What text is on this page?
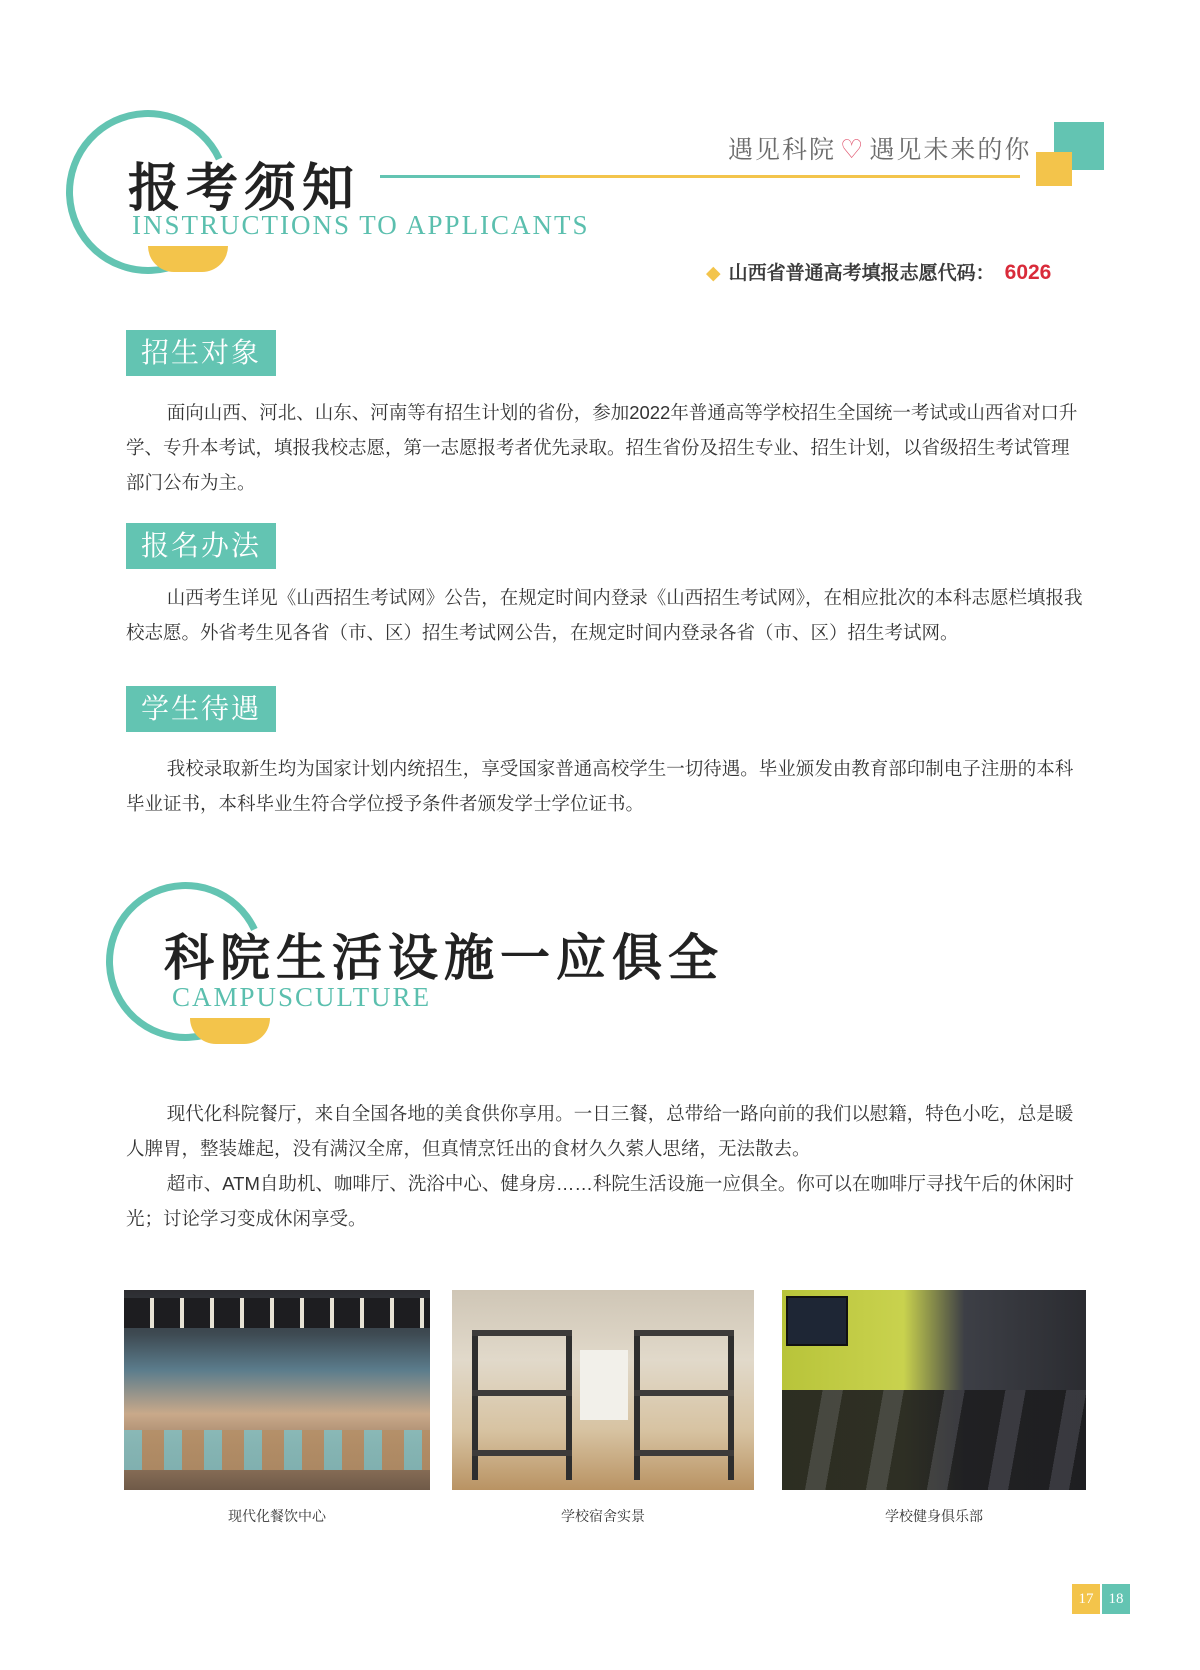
报考须知
INSTRUCTIONS TO APPLICANTS
遇见科院 ♡ 遇见未来的你
◆ 山西省普通高考填报志愿代码： 6026
招生对象
面向山西、河北、山东、河南等有招生计划的省份，参加2022年普通高等学校招生全国统一考试或山西省对口升学、专升本考试，填报我校志愿，第一志愿报考者优先录取。招生省份及招生专业、招生计划，以省级招生考试管理部门公布为主。
报名办法
山西考生详见《山西招生考试网》公告，在规定时间内登录《山西招生考试网》，在相应批次的本科志愿栏填报我校志愿。外省考生见各省（市、区）招生考试网公告，在规定时间内登录各省（市、区）招生考试网。
学生待遇
我校录取新生均为国家计划内统招生，享受国家普通高校学生一切待遇。毕业颁发由教育部印制电子注册的本科毕业证书，本科毕业生符合学位授予条件者颁发学士学位证书。
科院生活设施一应俱全
CAMPUSCULTURE
现代化科院餐厅，来自全国各地的美食供你享用。一日三餐，总带给一路向前的我们以慰籍，特色小吃，总是暖人脾胃，整装雄起，没有满汉全席，但真情烹饪出的食材久久萦人思绪，无法散去。
超市、ATM自助机、咖啡厅、洗浴中心、健身房……科院生活设施一应俱全。你可以在咖啡厅寻找午后的休闲时光；讨论学习变成休闲享受。
现代化餐饮中心	学校宿舍实景	学校健身俱乐部
17	18
